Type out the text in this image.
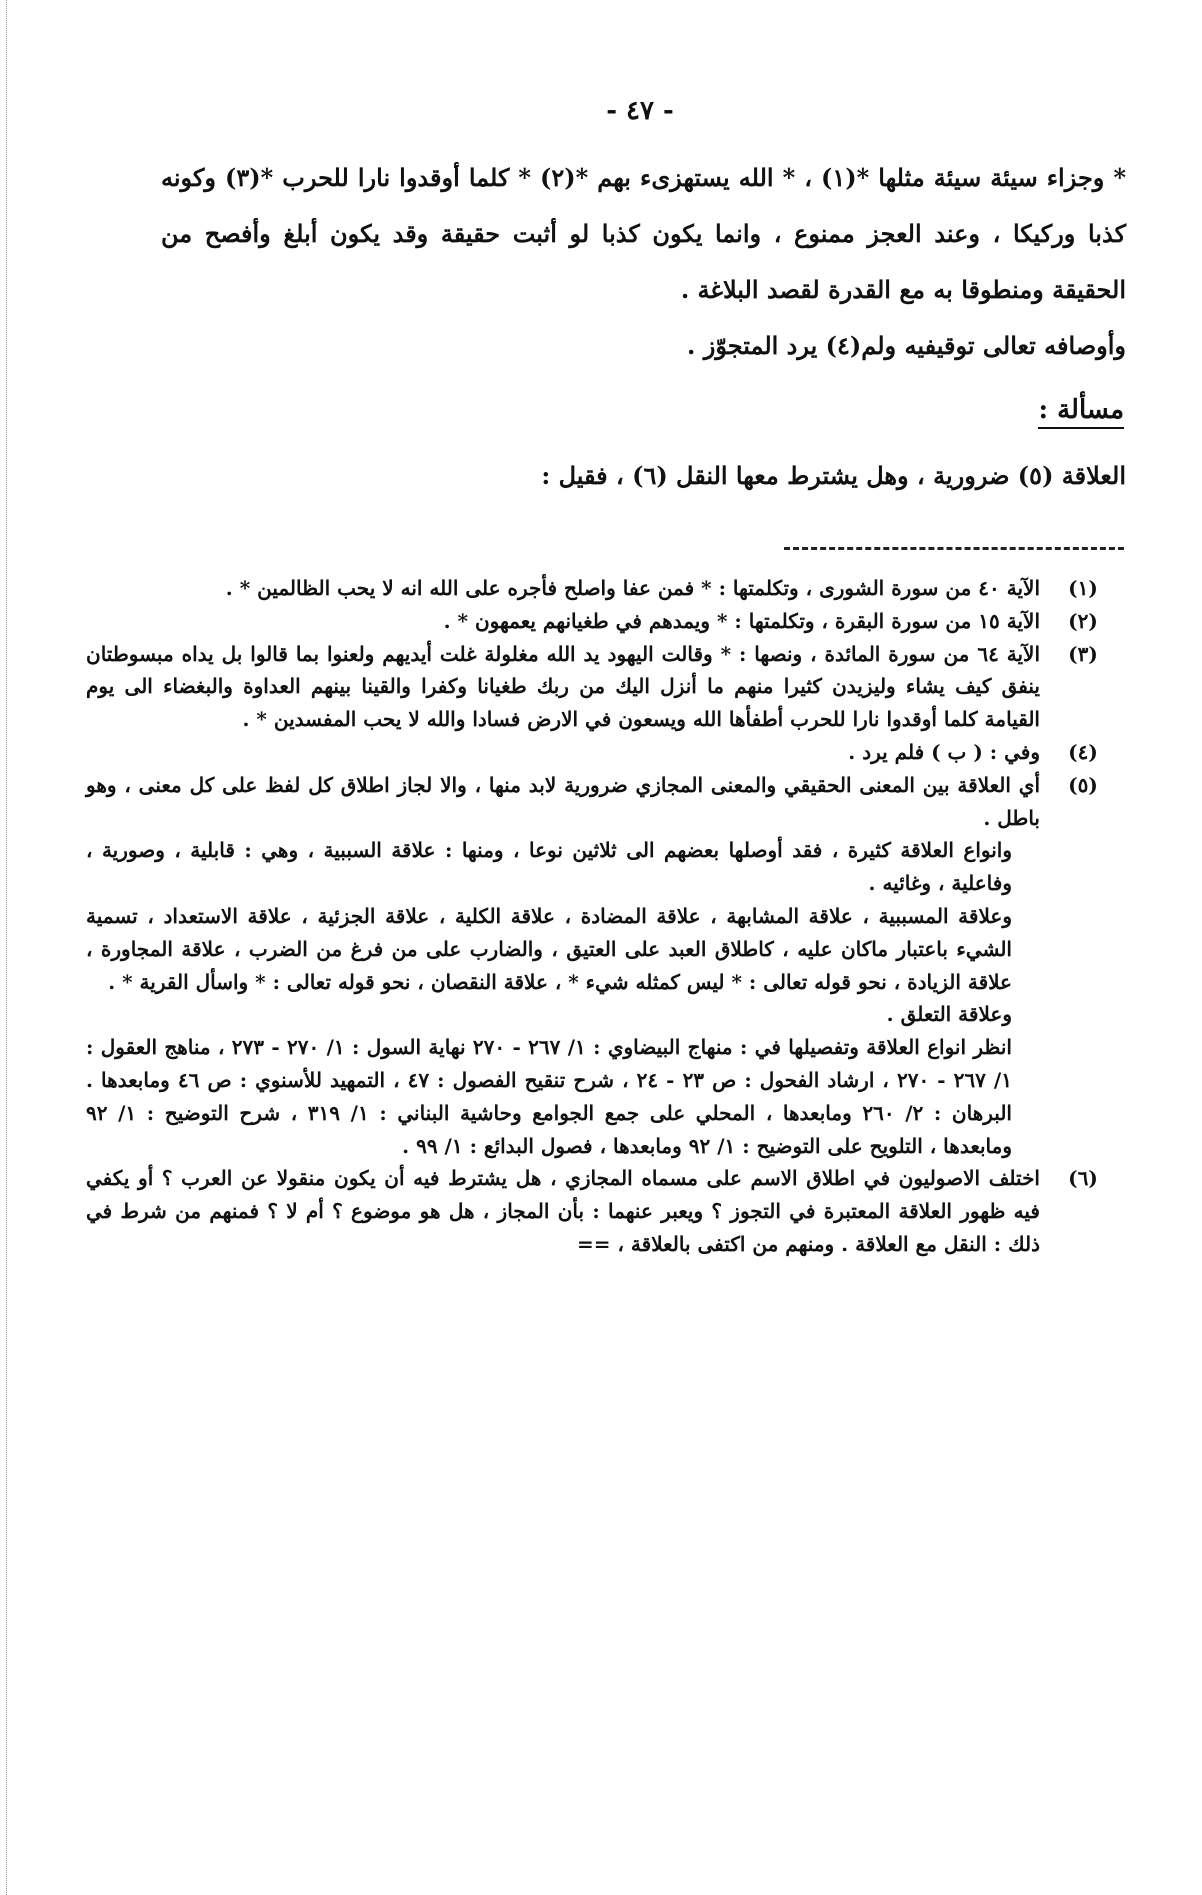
- ٤٧ -

* وجزاء سيئة سيئة مثلها *(١) ، * الله يستهزىء بهم *(٢) * كلما أوقدوا نارا للحرب *(٣) وكونه كذبا وركيكا ، وعند العجز ممنوع ، وانما يكون كذبا لو أثبت حقيقة وقد يكون أبلغ وأفصح من الحقيقة ومنطوقا به مع القدرة لقصد البلاغة .

وأوصافه تعالى توقيفيه ولم(٤) يرد المتجوّز .

مسألة :
العلاقة (٥) ضرورية ، وهل يشترط معها النقل (٦) ، فقيل :
(١)

الآية ٤٠ من سورة الشورى ، وتكلمتها : * فمن عفا واصلح فأجره على الله انه لا يحب الظالمين * .

(٢)

الآية ١٥ من سورة البقرة ، وتكلمتها : * ويمدهم في طغيانهم يعمهون * .

(٣)

الآية ٦٤ من سورة المائدة ، ونصها : * وقالت اليهود يد الله مغلولة غلت أيديهم ولعنوا بما قالوا بل يداه مبسوطتان ينفق كيف يشاء وليزيدن كثيرا منهم ما أنزل اليك من ربك طغيانا وكفرا والقينا بينهم العداوة والبغضاء الى يوم القيامة كلما أوقدوا نارا للحرب أطفأها الله ويسعون في الارض فسادا والله لا يحب المفسدين * .

(٤)

وفي : ( ب ) فلم يرد .

(٥)

أي العلاقة بين المعنى الحقيقي والمعنى المجازي ضرورية لابد منها ، والا لجاز اطلاق كل لفظ على كل معنى ، وهو باطل .

وانواع العلاقة كثيرة ، فقد أوصلها بعضهم الى ثلاثين نوعا ، ومنها : علاقة السببية ، وهي : قابلية ، وصورية ، وفاعلية ، وغائيه .

وعلاقة المسببية ، علاقة المشابهة ، علاقة المضادة ، علاقة الكلية ، علاقة الجزئية ، علاقة الاستعداد ، تسمية الشيء باعتبار ماكان عليه ، كاطلاق العبد على العتيق ، والضارب على من فرغ من الضرب ، علاقة المجاورة ، علاقة الزيادة ، نحو قوله تعالى : * ليس كمثله شيء * ، علاقة النقصان ، نحو قوله تعالى : * واسأل القرية * .

وعلاقة التعلق .

انظر انواع العلاقة وتفصيلها في : منهاج البيضاوي : ١/ ٢٦٧ - ٢٧٠ نهاية السول : ١/ ٢٧٠ - ٢٧٣ ، مناهج العقول : ١/ ٢٦٧ - ٢٧٠ ، ارشاد الفحول : ص ٢٣ - ٢٤ ، شرح تنقيح الفصول : ٤٧ ، التمهيد للأسنوي : ص ٤٦ ومابعدها . البرهان : ٢/ ٢٦٠ ومابعدها ، المحلي على جمع الجوامع وحاشية البناني : ١/ ٣١٩ ، شرح التوضيح : ١/ ٩٢ ومابعدها ، التلويح على التوضيح : ١/ ٩٢ ومابعدها ، فصول البدائع : ١/ ٩٩ .

(٦)

اختلف الاصوليون في اطلاق الاسم على مسماه المجازي ، هل يشترط فيه أن يكون منقولا عن العرب ؟ أو يكفي فيه ظهور العلاقة المعتبرة في التجوز ؟ ويعبر عنهما : بأن المجاز ، هل هو موضوع ؟ أم لا ؟ فمنهم من شرط في ذلك : النقل مع العلاقة . ومنهم من اكتفى بالعلاقة ، ==
